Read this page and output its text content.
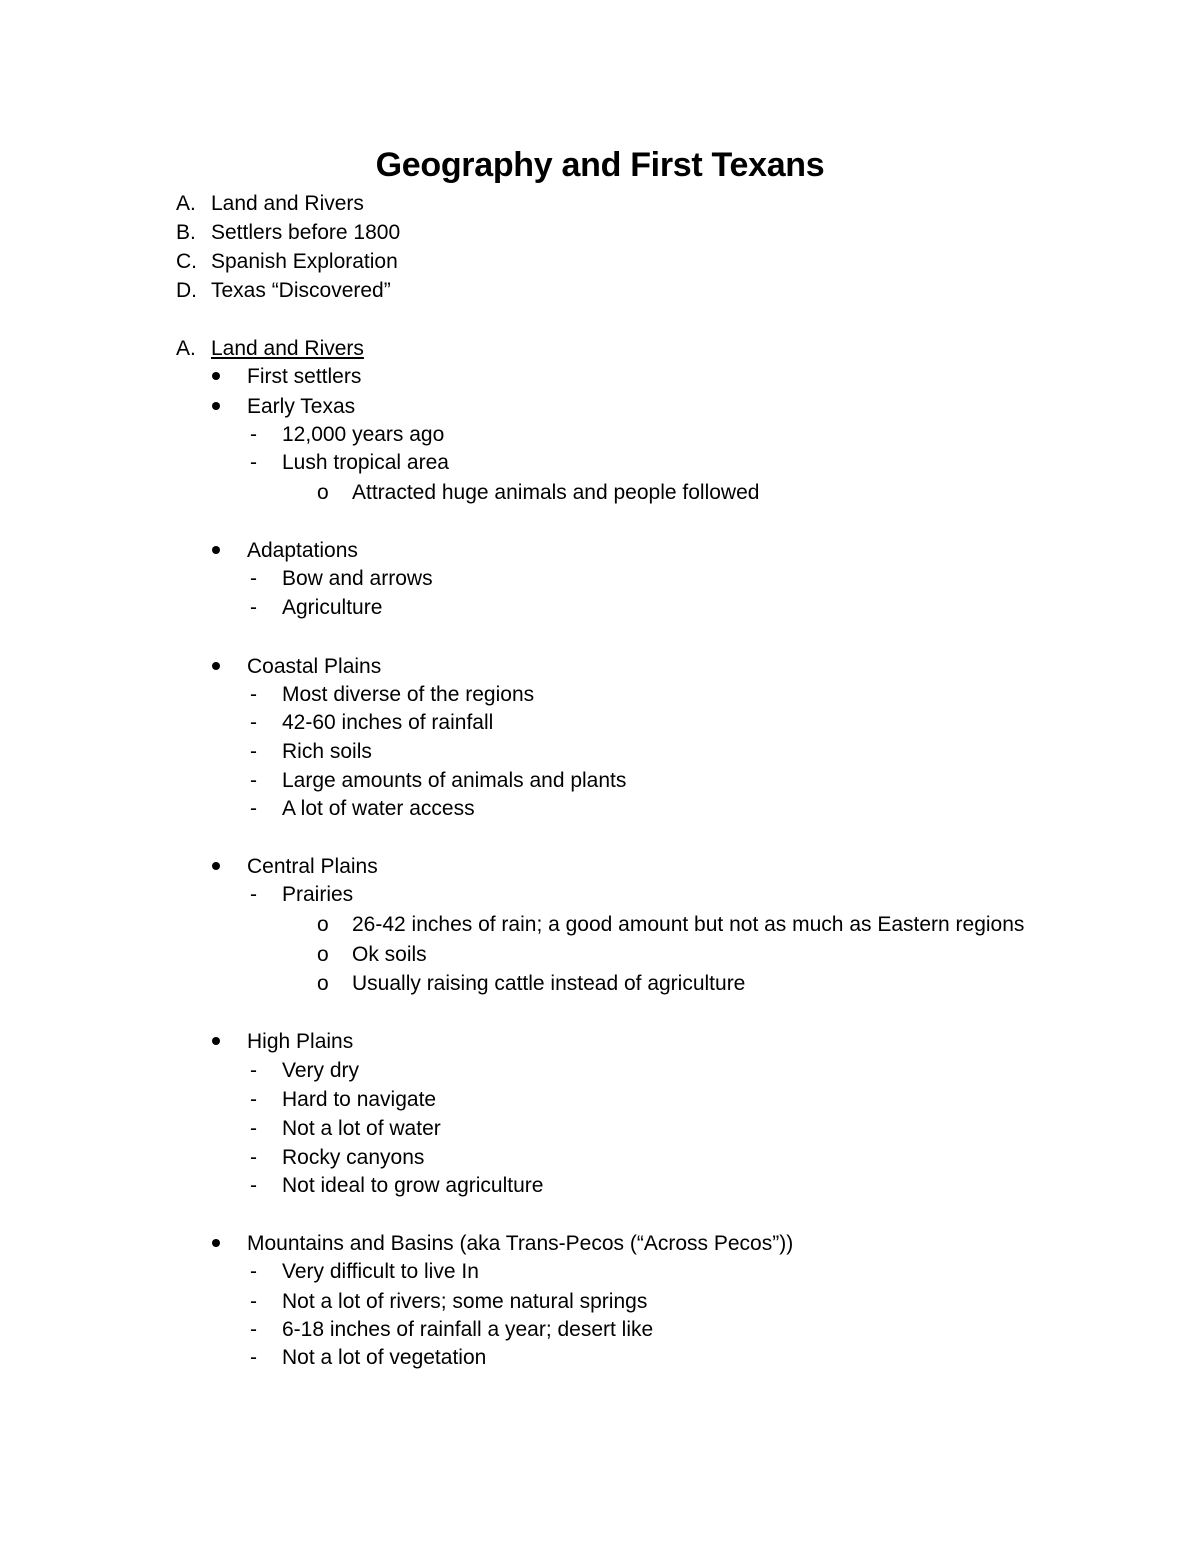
Geography and First Texans
A. Land and Rivers
B. Settlers before 1800
C. Spanish Exploration
D. Texas “Discovered”
A. Land and Rivers
First settlers
Early Texas
- 12,000 years ago
- Lush tropical area
o Attracted huge animals and people followed
Adaptations
- Bow and arrows
- Agriculture
Coastal Plains
- Most diverse of the regions
- 42-60 inches of rainfall
- Rich soils
- Large amounts of animals and plants
- A lot of water access
Central Plains
- Prairies
o 26-42 inches of rain; a good amount but not as much as Eastern regions
o Ok soils
o Usually raising cattle instead of agriculture
High Plains
- Very dry
- Hard to navigate
- Not a lot of water
- Rocky canyons
- Not ideal to grow agriculture
Mountains and Basins (aka Trans-Pecos (“Across Pecos”))
- Very difficult to live In
- Not a lot of rivers; some natural springs
- 6-18 inches of rainfall a year; desert like
- Not a lot of vegetation
